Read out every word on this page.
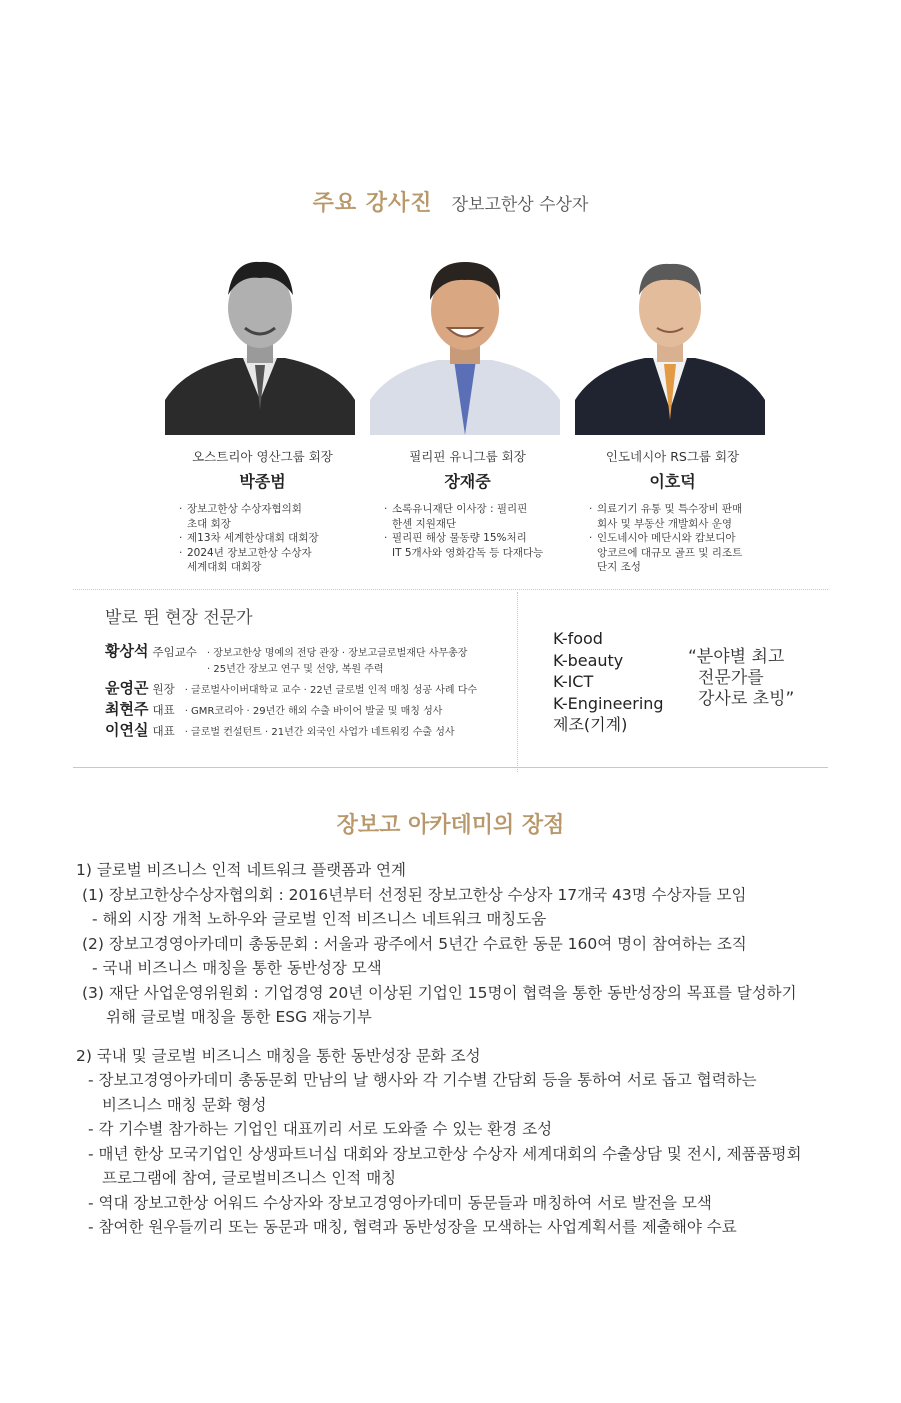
주요 강사진 장보고한상 수상자
오스트리아 영산그룹 회장
박종범
· 장보고한상 수상자협의회
초대 회장
· 제13차 세계한상대회 대회장
· 2024년 장보고한상 수상자
세계대회 대회장
필리핀 유니그룹 회장
장재중
· 소록유니재단 이사장 : 필리핀
한센 지원재단
· 필리핀 해상 물동량 15%처리
IT 5개사와 영화감독 등 다재다능
인도네시아 RS그룹 회장
이호덕
· 의료기기 유통 및 특수장비 판매
회사 및 부동산 개발회사 운영
· 인도네시아 메단시와 캄보디아
앙코르에 대규모 골프 및 리조트
단지 조성
발로 뛴 현장 전문가
황상석 주임교수 · 장보고한상 명예의 전당 관장 · 장보고글로벌재단 사무총장
· 25년간 장보고 연구 및 선양, 복원 주력
윤영곤 원장 · 글로벌사이버대학교 교수 · 22년 글로벌 인적 매칭 성공 사례 다수
최현주 대표 · GMR코리아 · 29년간 해외 수출 바이어 발굴 및 매칭 성사
이연실 대표 · 글로벌 컨설턴트 · 21년간 외국인 사업가 네트워킹 수출 성사
K-food
K-beauty
K-ICT
K-Engineering
제조(기계)
“분야별 최고
전문가를
강사로 초빙”
장보고 아카데미의 장점
1) 글로벌 비즈니스 인적 네트워크 플랫폼과 연계
(1) 장보고한상수상자협의회 : 2016년부터 선정된 장보고한상 수상자 17개국 43명 수상자들 모임
- 해외 시장 개척 노하우와 글로벌 인적 비즈니스 네트워크 매칭도움
(2) 장보고경영아카데미 총동문회 : 서울과 광주에서 5년간 수료한 동문 160여 명이 참여하는 조직
- 국내 비즈니스 매칭을 통한 동반성장 모색
(3) 재단 사업운영위원회 : 기업경영 20년 이상된 기업인 15명이 협력을 통한 동반성장의 목표를 달성하기
위해 글로벌 매칭을 통한 ESG 재능기부
2) 국내 및 글로벌 비즈니스 매칭을 통한 동반성장 문화 조성
- 장보고경영아카데미 총동문회 만남의 날 행사와 각 기수별 간담회 등을 통하여 서로 돕고 협력하는
비즈니스 매칭 문화 형성
- 각 기수별 참가하는 기업인 대표끼리 서로 도와줄 수 있는 환경 조성
- 매년 한상 모국기업인 상생파트너십 대회와 장보고한상 수상자 세계대회의 수출상담 및 전시, 제품품평회
프로그램에 참여, 글로벌비즈니스 인적 매칭
- 역대 장보고한상 어워드 수상자와 장보고경영아카데미 동문들과 매칭하여 서로 발전을 모색
- 참여한 원우들끼리 또는 동문과 매칭, 협력과 동반성장을 모색하는 사업계획서를 제출해야 수료
